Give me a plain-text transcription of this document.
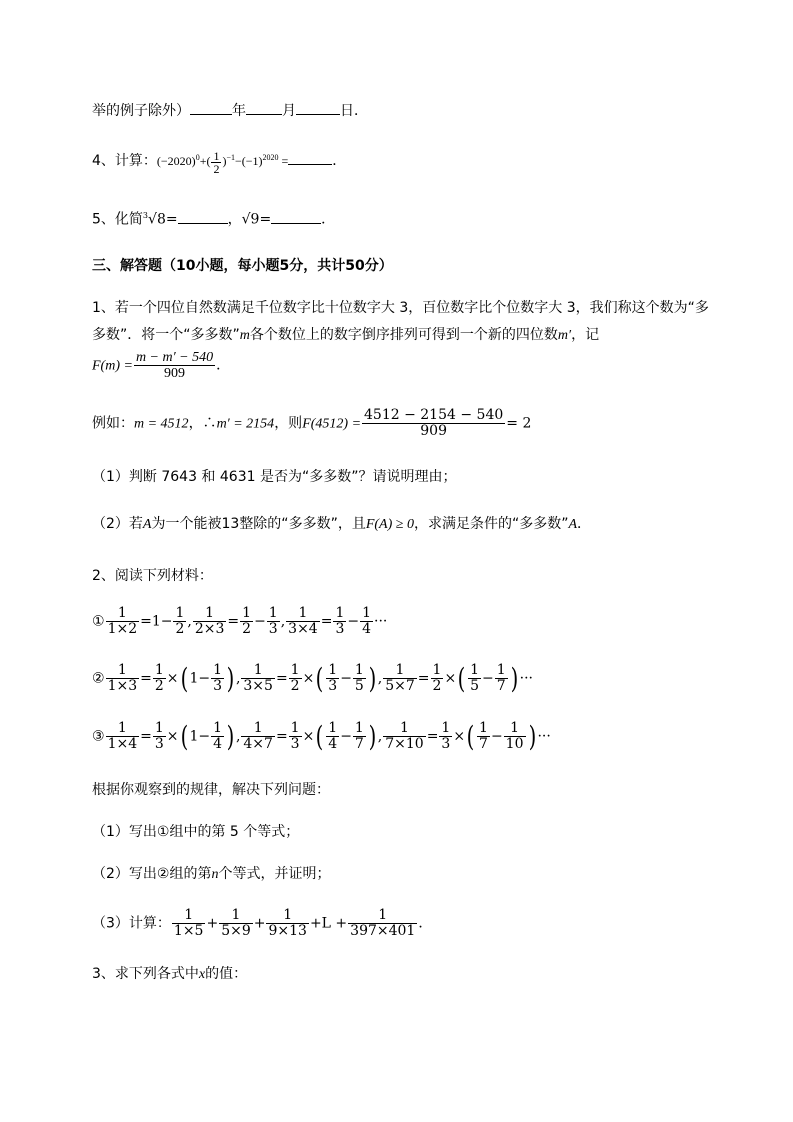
举的例子除外）	年	月	日．
4、计算：$(-2020)^0+( \frac{1}{2} )^{-1}-(-1)^{2020}$ =	．
5、化简$^3$√8=	，√9=	．
三、解答题（10小题，每小题5分，共计50分）
1、若一个四位自然数满足千位数字比十位数字大 3，百位数字比个位数字大 3，我们称这个数为“多
多数”．将一个“多多数”m各个数位上的数字倒序排列可得到一个新的四位数m′，记
$F(m) = \frac{m - m' - 540}{909}$ ．
例如：m = 4512，∴m′ = 2154，则$F(4512) = \frac{4512 - 2154 - 540}{909} = 2$
（1）判断 7643 和 4631 是否为“多多数”？请说明理由；
（2）若A为一个能被13整除的“多多数”，且F(A) ≥ 0，求满足条件的“多多数”A．
2、阅读下列材料：
① $\frac{1}{1\times 2} =1- \frac{1}{2}$ , $\frac{1}{2\times 3} = \frac{1}{2} - \frac{1}{3}$ , $\frac{1}{3\times 4} = \frac{1}{3} - \frac{1}{4}$ ···
② $\frac{1}{1\times 3} = \frac{1}{2}$ ×( $1- \frac{1}{3}$ ) , $\frac{1}{3\times 5} = \frac{1}{2}$ ×( $\frac{1}{3} - \frac{1}{5}$ ) , $\frac{1}{5\times 7} = \frac{1}{2}$ ×( $\frac{1}{5} - \frac{1}{7}$ ) ···
③ $\frac{1}{1\times 4} = \frac{1}{3}$ ×( $1- \frac{1}{4}$ ) , $\frac{1}{4\times 7} = \frac{1}{3}$ ×( $\frac{1}{4} - \frac{1}{7}$ ) , $\frac{1}{7\times 10} = \frac{1}{3}$ ×( $\frac{1}{7} - \frac{1}{10}$ ) ···
根据你观察到的规律，解决下列问题：
（1）写出①组中的第 5 个等式；
（2）写出②组的第n个等式，并证明；
（3）计算： $\frac{1}{1\times 5} + \frac{1}{5\times 9} + \frac{1}{9\times 13} +L + \frac{1}{397\times 401}$ ．
3、求下列各式中x的值：
